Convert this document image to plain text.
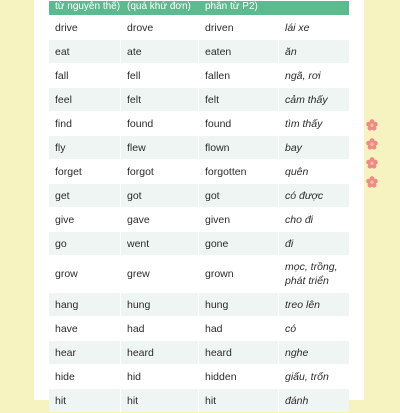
từ nguyên thể)	(quá khứ đơn)	phân từ P2)	
drive	drove	driven	lái xe
eat	ate	eaten	ăn
fall	fell	fallen	ngã, rơi
feel	felt	felt	cảm thấy
find	found	found	tìm thấy
fly	flew	flown	bay
forget	forgot	forgotten	quên
get	got	got	có được
give	gave	given	cho đi
go	went	gone	đi
grow	grew	grown	mọc, trồng, phát triển
hang	hung	hung	treo lên
have	had	had	có
hear	heard	heard	nghe
hide	hid	hidden	giấu, trốn
hit	hit	hit	đánh
